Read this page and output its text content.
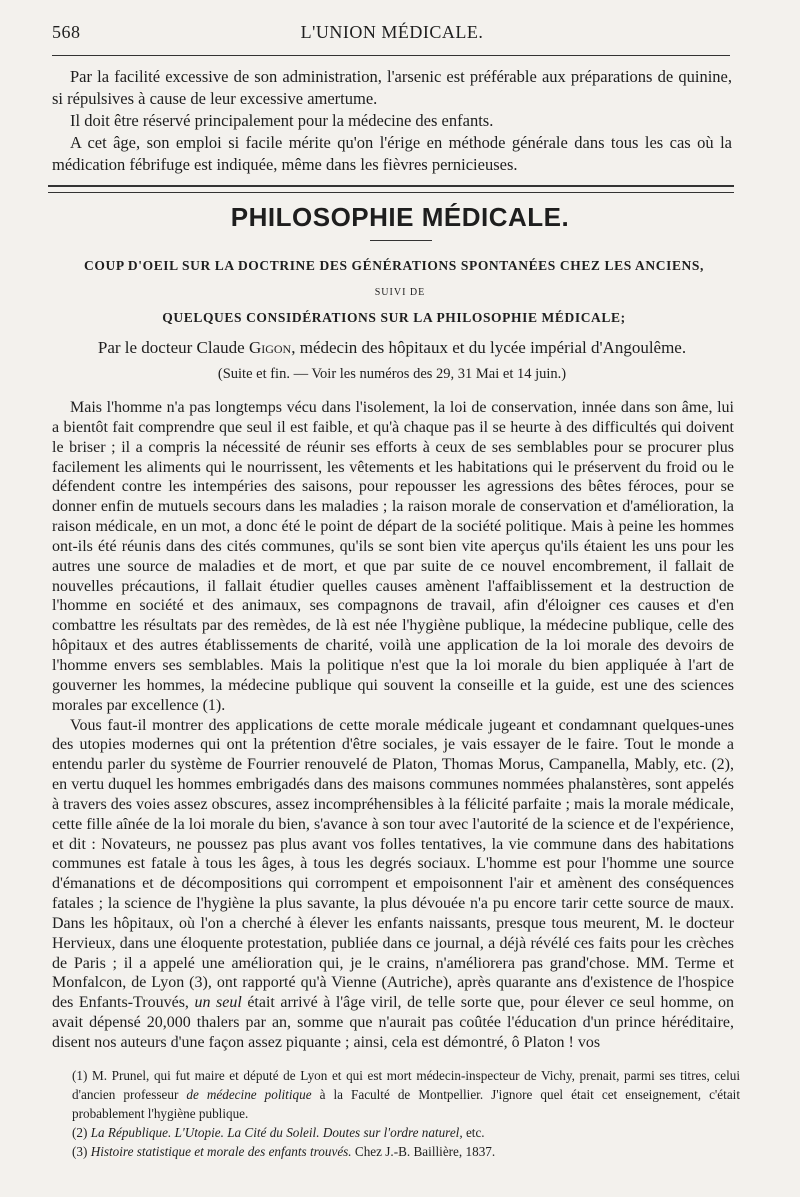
568	L'UNION MÉDICALE.

Par la facilité excessive de son administration, l'arsenic est préférable aux préparations de quinine, si répulsives à cause de leur excessive amertume.

Il doit être réservé principalement pour la médecine des enfants.

A cet âge, son emploi si facile mérite qu'on l'érige en méthode générale dans tous les cas où la médication fébrifuge est indiquée, même dans les fièvres pernicieuses.

PHILOSOPHIE MÉDICALE.
COUP D'OEIL SUR LA DOCTRINE DES GÉNÉRATIONS SPONTANÉES CHEZ LES ANCIENS,
SUIVI DE
QUELQUES CONSIDÉRATIONS SUR LA PHILOSOPHIE MÉDICALE;
Par le docteur Claude Gigon, médecin des hôpitaux et du lycée impérial d'Angoulême.
(Suite et fin. — Voir les numéros des 29, 31 Mai et 14 juin.)

Mais l'homme n'a pas longtemps vécu dans l'isolement, la loi de conservation, innée dans son âme, lui a bientôt fait comprendre que seul il est faible, et qu'à chaque pas il se heurte à des difficultés qui doivent le briser ; il a compris la nécessité de réunir ses efforts à ceux de ses semblables pour se procurer plus facilement les aliments qui le nourrissent, les vêtements et les habitations qui le préservent du froid ou le défendent contre les intempéries des saisons, pour repousser les agressions des bêtes féroces, pour se donner enfin de mutuels secours dans les maladies ; la raison morale de conservation et d'amélioration, la raison médicale, en un mot, a donc été le point de départ de la société politique. Mais à peine les hommes ont-ils été réunis dans des cités communes, qu'ils se sont bien vite aperçus qu'ils étaient les uns pour les autres une source de maladies et de mort, et que par suite de ce nouvel encombrement, il fallait de nouvelles précautions, il fallait étudier quelles causes amènent l'affaiblissement et la destruction de l'homme en société et des animaux, ses compagnons de travail, afin d'éloigner ces causes et d'en combattre les résultats par des remèdes, de là est née l'hygiène publique, la médecine publique, celle des hôpitaux et des autres établissements de charité, voilà une application de la loi morale des devoirs de l'homme envers ses semblables. Mais la politique n'est que la loi morale du bien appliquée à l'art de gouverner les hommes, la médecine publique qui souvent la conseille et la guide, est une des sciences morales par excellence (1).

Vous faut-il montrer des applications de cette morale médicale jugeant et condamnant quelques-unes des utopies modernes qui ont la prétention d'être sociales, je vais essayer de le faire. Tout le monde a entendu parler du système de Fourrier renouvelé de Platon, Thomas Morus, Campanella, Mably, etc. (2), en vertu duquel les hommes embrigadés dans des maisons communes nommées phalanstères, sont appelés à travers des voies assez obscures, assez incompréhensibles à la félicité parfaite ; mais la morale médicale, cette fille aînée de la loi morale du bien, s'avance à son tour avec l'autorité de la science et de l'expérience, et dit : Novateurs, ne poussez pas plus avant vos folles tentatives, la vie commune dans des habitations communes est fatale à tous les âges, à tous les degrés sociaux. L'homme est pour l'homme une source d'émanations et de décompositions qui corrompent et empoisonnent l'air et amènent des conséquences fatales ; la science de l'hygiène la plus savante, la plus dévouée n'a pu encore tarir cette source de maux. Dans les hôpitaux, où l'on a cherché à élever les enfants naissants, presque tous meurent, M. le docteur Hervieux, dans une éloquente protestation, publiée dans ce journal, a déjà révélé ces faits pour les crèches de Paris ; il a appelé une amélioration qui, je le crains, n'améliorera pas grand'chose. MM. Terme et Monfalcon, de Lyon (3), ont rapporté qu'à Vienne (Autriche), après quarante ans d'existence de l'hospice des Enfants-Trouvés, un seul était arrivé à l'âge viril, de telle sorte que, pour élever ce seul homme, on avait dépensé 20,000 thalers par an, somme que n'aurait pas coûtée l'éducation d'un prince héréditaire, disent nos auteurs d'une façon assez piquante ; ainsi, cela est démontré, ô Platon ! vos

(1) M. Prunel, qui fut maire et député de Lyon et qui est mort médecin-inspecteur de Vichy, prenait, parmi ses titres, celui d'ancien professeur de médecine politique à la Faculté de Montpellier. J'ignore quel était cet enseignement, c'était probablement l'hygiène publique.

(2) La République. L'Utopie. La Cité du Soleil. Doutes sur l'ordre naturel, etc.

(3) Histoire statistique et morale des enfants trouvés. Chez J.-B. Baillière, 1837.
